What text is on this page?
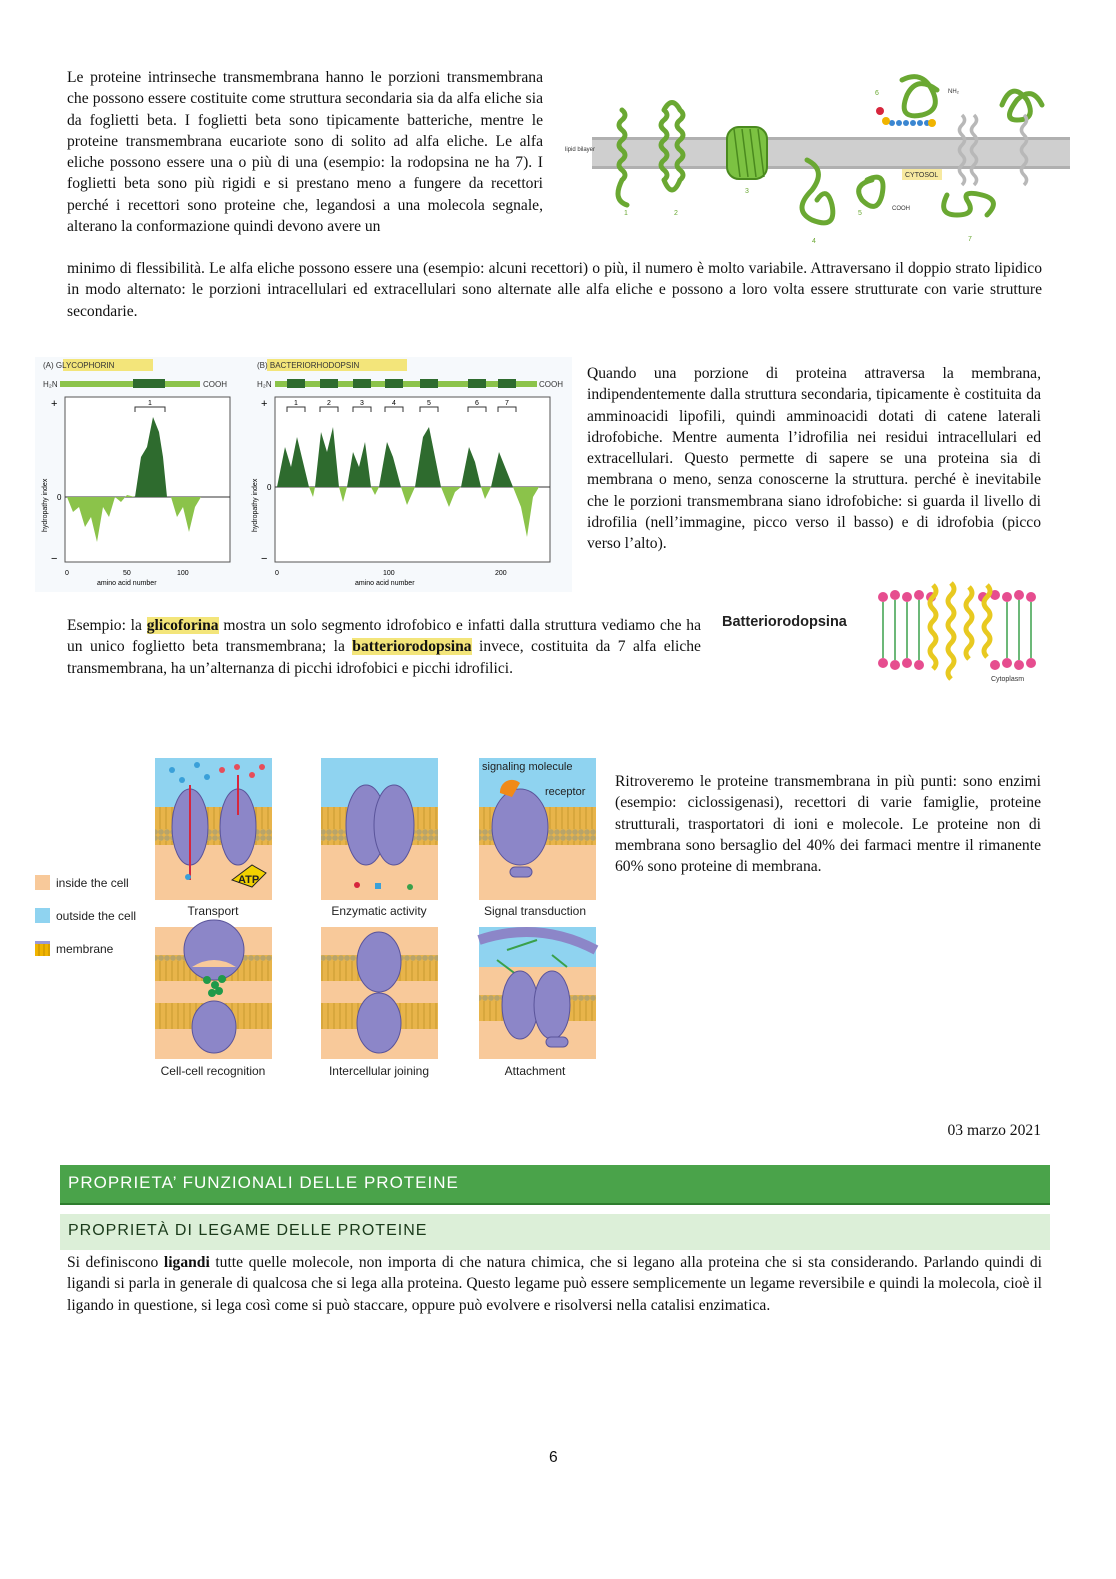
Le proteine intrinseche transmembrana hanno le porzioni transmembrana che possono essere costituite come struttura secondaria sia da alfa eliche sia da foglietti beta. I foglietti beta sono tipicamente batteriche, mentre le proteine transmembrana eucariote sono di solito ad alfa eliche. Le alfa eliche possono essere una o più di una (esempio: la rodopsina ne ha 7). I foglietti beta sono più rigidi e si prestano meno a fungere da recettori perché i recettori sono proteine che, legandosi a una molecola segnale, alterano la conformazione quindi devono avere un

minimo di flessibilità. Le alfa eliche possono essere una (esempio: alcuni recettori) o più, il numero è molto variabile. Attraversano il doppio strato lipidico in modo alternato: le porzioni intracellulari ed extracellulari sono alternate alle alfa eliche e possono a loro volta essere strutturate con varie strutture secondarie.

lipid bilayer
CYTOSOL
NH₂
COOH
1	2
3
4
5
6
7
(A) GLYCOPHORIN	(B) BACTERIORHODOPSIN
H₂N	COOH	H₂N	COOH
+
0
−
hydropathy index
0	50	100
amino acid number
1	+
0
−
hydropathy index
0	100	200
amino acid number
1	2	3	4	5	6	7

Quando una porzione di proteina attraversa la membrana, indipendentemente dalla struttura secondaria, tipicamente è costituita da amminoacidi lipofili, quindi amminoacidi dotati di catene laterali idrofobiche. Mentre aumenta l’idrofilia nei residui intracellulari ed extracellulari. Questo permette di sapere se una proteina sia di membrana o meno, senza conoscerne la struttura. perché è inevitabile che le porzioni transmembrana siano idrofobiche: si guarda il livello di idrofilia (nell’immagine, picco verso il basso) e di idrofobia (picco verso l’alto).

Esempio: la glicoforina mostra un solo segmento idrofobico e infatti dalla struttura vediamo che ha un unico foglietto beta transmembrana; la batteriorodopsina invece, costituita da 7 alfa eliche transmembrana, ha un’alternanza di picchi idrofobici e picchi idrofilici.

Batteriorodopsina
Cytoplasm
inside the cell
outside the cell
membrane
ATP
signaling molecule
receptor
Transport	Enzymatic activity	Signal transduction
Cell-cell recognition	Intercellular joining	Attachment

Ritroveremo le proteine transmembrana in più punti: sono enzimi (esempio: ciclossigenasi), recettori di varie famiglie, proteine strutturali, trasportatori di ioni e molecole. Le proteine non di membrana sono bersaglio del 40% dei farmaci mentre il rimanente 60% sono proteine di membrana.

03 marzo 2021
PROPRIETA’ FUNZIONALI DELLE PROTEINE
PROPRIETÀ DI LEGAME DELLE PROTEINE

Si definiscono ligandi tutte quelle molecole, non importa di che natura chimica, che si legano alla proteina che si sta considerando. Parlando quindi di ligandi si parla in generale di qualcosa che si lega alla proteina. Questo legame può essere semplicemente un legame reversibile e quindi la molecola, cioè il ligando in questione, si lega così come si può staccare, oppure può evolvere e risolversi nella catalisi enzimatica.

6
